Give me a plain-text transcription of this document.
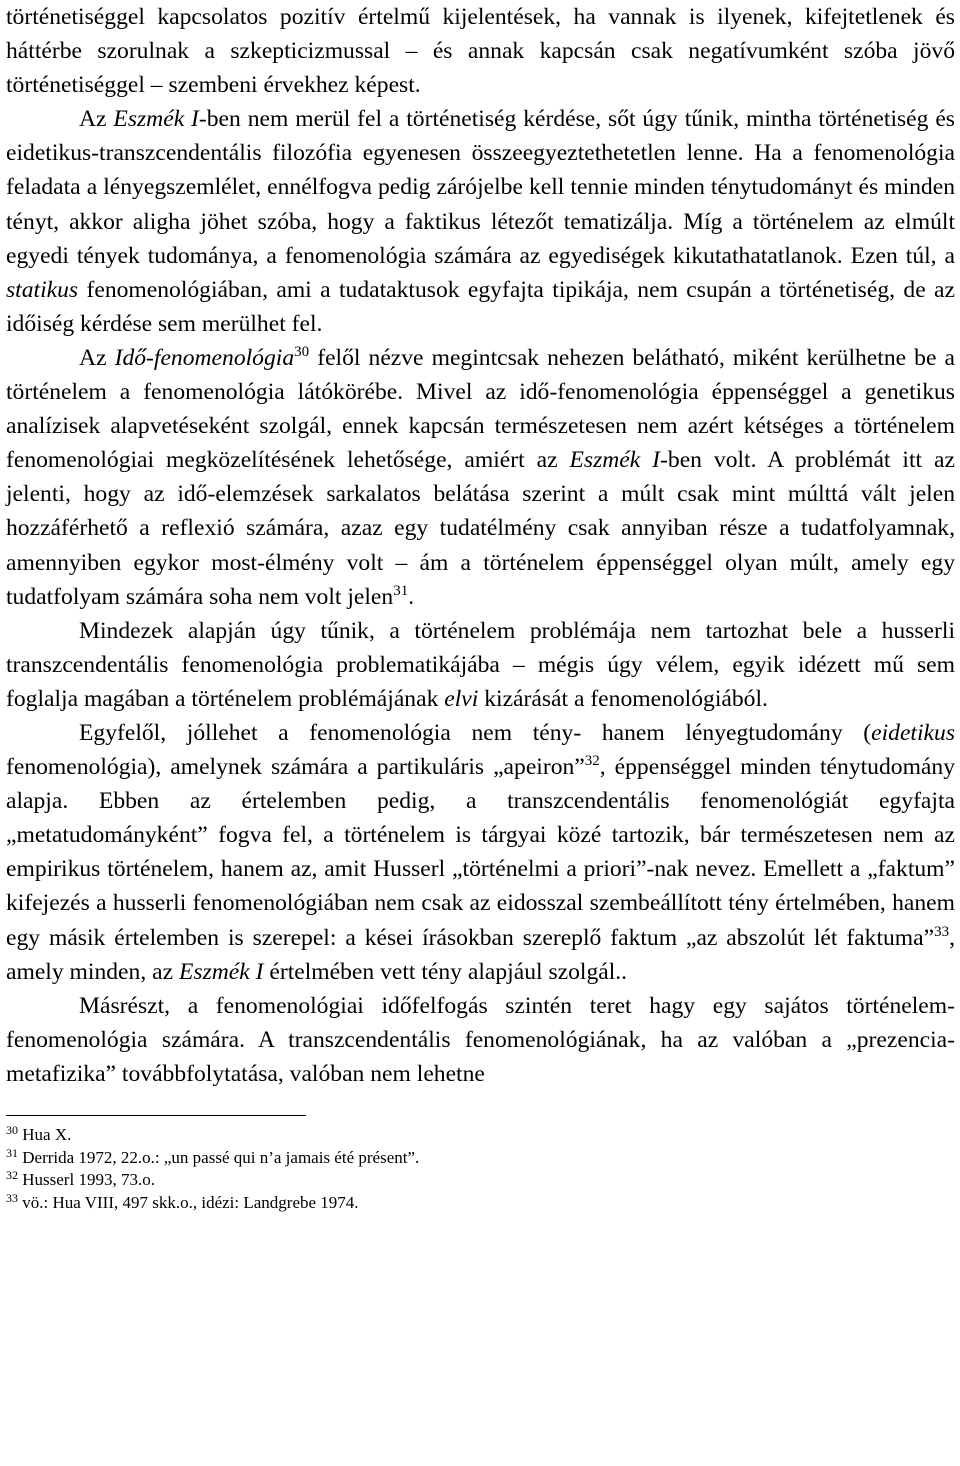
történetiséggel kapcsolatos pozitív értelmű kijelentések, ha vannak is ilyenek, kifejtetlenek és háttérbe szorulnak a szkepticizmussal – és annak kapcsán csak negatívumként szóba jövő történetiséggel – szembeni érvekhez képest.

Az Eszmék I-ben nem merül fel a történetiség kérdése, sőt úgy tűnik, mintha történetiség és eidetikus-transzcendentális filozófia egyenesen összeegyeztethetetlen lenne. Ha a fenomenológia feladata a lényegszemlélet, ennélfogva pedig zárójelbe kell tennie minden ténytudományt és minden tényt, akkor aligha jöhet szóba, hogy a faktikus létezőt tematizálja. Míg a történelem az elmúlt egyedi tények tudománya, a fenomenológia számára az egyediségek kikutathatatlanok. Ezen túl, a statikus fenomenológiában, ami a tudataktusok egyfajta tipikája, nem csupán a történetiség, de az időiség kérdése sem merülhet fel.

Az Idő-fenomenológia$^{30}$ felől nézve megintcsak nehezen belátható, miként kerülhetne be a történelem a fenomenológia látókörébe. Mivel az idő-fenomenológia éppenséggel a genetikus analízisek alapvetéseként szolgál, ennek kapcsán természetesen nem azért kétséges a történelem fenomenológiai megközelítésének lehetősége, amiért az Eszmék I-ben volt. A problémát itt az jelenti, hogy az idő-elemzések sarkalatos belátása szerint a múlt csak mint múlttá vált jelen hozzáférhető a reflexió számára, azaz egy tudatélmény csak annyiban része a tudatfolyamnak, amennyiben egykor most-élmény volt – ám a történelem éppenséggel olyan múlt, amely egy tudatfolyam számára soha nem volt jelen$^{31}$.

Mindezek alapján úgy tűnik, a történelem problémája nem tartozhat bele a husserli transzcendentális fenomenológia problematikájába – mégis úgy vélem, egyik idézett mű sem foglalja magában a történelem problémájának elvi kizárását a fenomenológiából.

Egyfelől, jóllehet a fenomenológia nem tény- hanem lényegtudomány (eidetikus fenomenológia), amelynek számára a partikuláris „apeiron”$^{32}$, éppenséggel minden ténytudomány alapja. Ebben az értelemben pedig, a transzcendentális fenomenológiát egyfajta „metatudományként” fogva fel, a történelem is tárgyai közé tartozik, bár természetesen nem az empirikus történelem, hanem az, amit Husserl „történelmi a priori”-nak nevez. Emellett a „faktum” kifejezés a husserli fenomenológiában nem csak az eidosszal szembeállított tény értelmében, hanem egy másik értelemben is szerepel: a kései írásokban szereplő faktum „az abszolút lét faktuma”$^{33}$, amely minden, az Eszmék I értelmében vett tény alapjául szolgál..

Másrészt, a fenomenológiai időfelfogás szintén teret hagy egy sajátos történelem-fenomenológia számára. A transzcendentális fenomenológiának, ha az valóban a „prezencia-metafizika” továbbfolytatása, valóban nem lehetne

$^{30}$ Hua X.
$^{31}$ Derrida 1972, 22.o.: „un passé qui n’a jamais été présent”.
$^{32}$ Husserl 1993, 73.o.
$^{33}$ vö.: Hua VIII, 497 skk.o., idézi: Landgrebe 1974.
